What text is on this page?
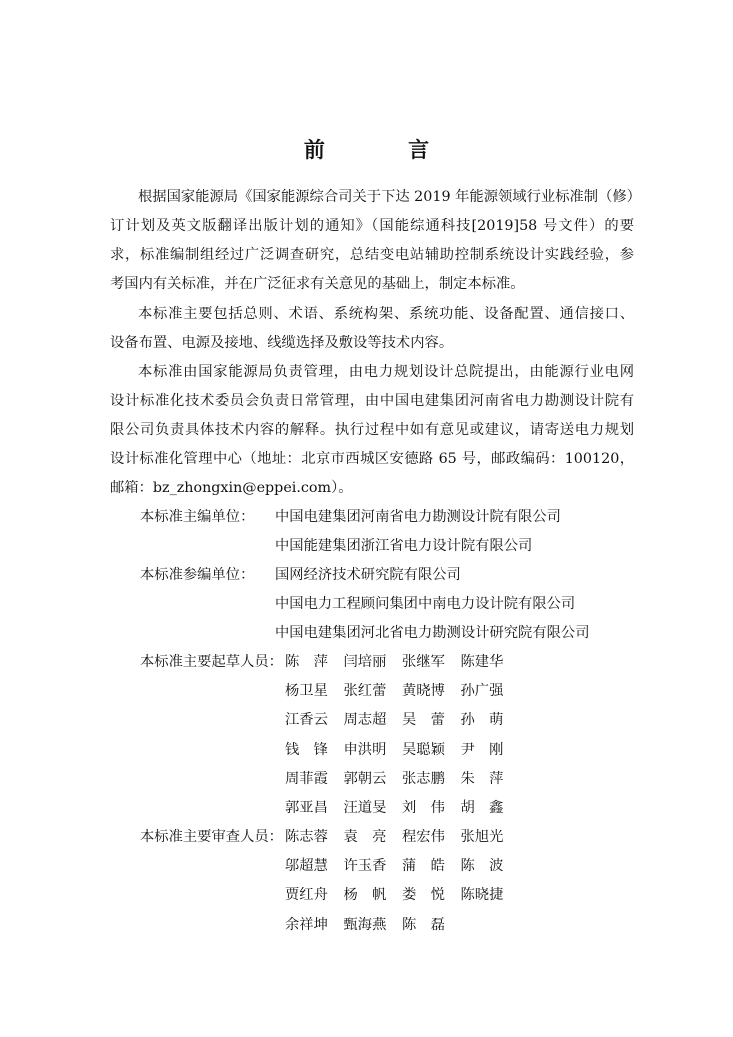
前 言
根据国家能源局《国家能源综合司关于下达 2019 年能源领域行业标准制（修）
订计划及英文版翻译出版计划的通知》（国能综通科技[2019]58 号文件）的要
求，标准编制组经过广泛调查研究，总结变电站辅助控制系统设计实践经验，参
考国内有关标准，并在广泛征求有关意见的基础上，制定本标准。
本标准主要包括总则、术语、系统构架、系统功能、设备配置、通信接口、
设备布置、电源及接地、线缆选择及敷设等技术内容。
本标准由国家能源局负责管理，由电力规划设计总院提出，由能源行业电网
设计标准化技术委员会负责日常管理，由中国电建集团河南省电力勘测设计院有
限公司负责具体技术内容的解释。执行过程中如有意见或建议，请寄送电力规划
设计标准化管理中心（地址：北京市西城区安德路 65 号，邮政编码：100120，
邮箱：bz_zhongxin@eppei.com）。
本标准主编单位： 中国电建集团河南省电力勘测设计院有限公司
中国能建集团浙江省电力设计院有限公司
本标准参编单位： 国网经济技术研究院有限公司
中国电力工程顾问集团中南电力设计院有限公司
中国电建集团河北省电力勘测设计研究院有限公司
本标准主要起草人员： 陈　萍 闫培丽 张继军 陈建华
杨卫星 张红蕾 黄晓博 孙广强
江香云 周志超 吴　蕾 孙　萌
钱　锋 申洪明 吴聪颖 尹　刚
周菲霞 郭朝云 张志鹏 朱　萍
郭亚昌 汪道旻 刘　伟 胡　鑫
本标准主要审查人员： 陈志蓉 袁　亮 程宏伟 张旭光
邬超慧 许玉香 蒲　皓 陈　波
贾红舟 杨　帆 娄　悦 陈晓捷
余祥坤 甄海燕 陈　磊
